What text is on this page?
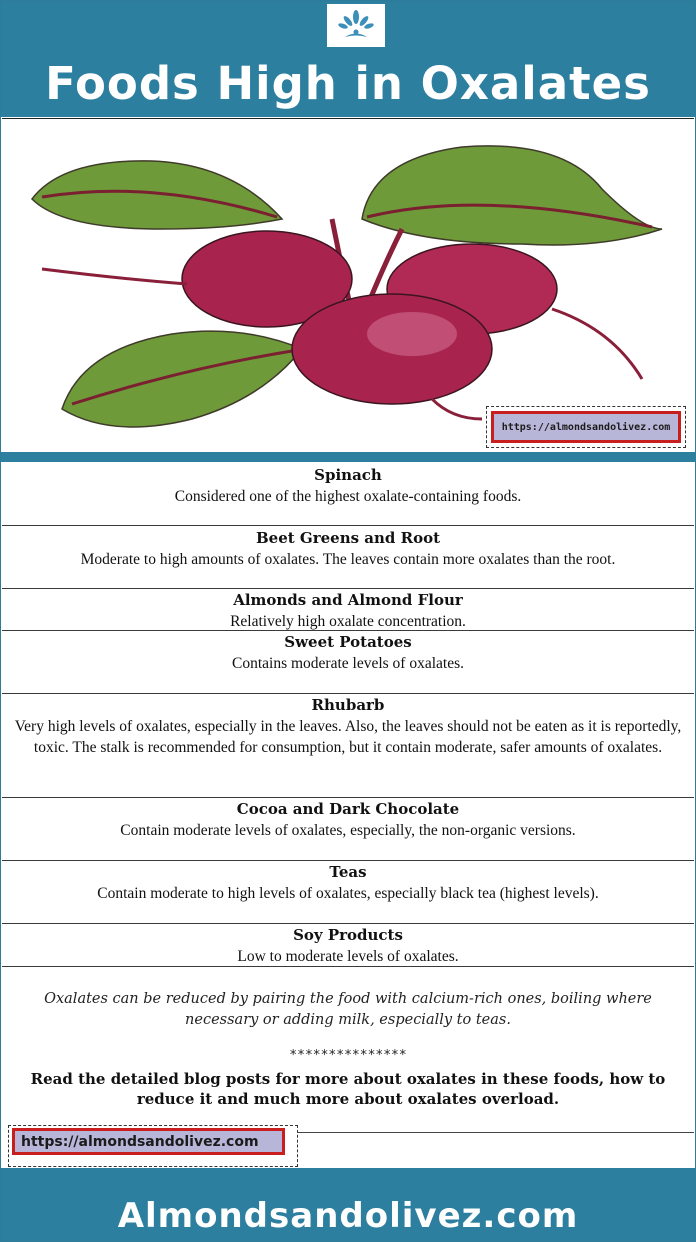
Foods High in Oxalates
https://almondsandolivez.com
Spinach
Considered one of the highest oxalate-containing foods.
Beet Greens and Root
Moderate to high amounts of oxalates. The leaves contain more oxalates than the root.
Almonds and Almond Flour
Relatively high oxalate concentration.
Sweet Potatoes
Contains moderate levels of oxalates.
Rhubarb
Very high levels of oxalates, especially in the leaves. Also, the leaves should not be eaten as it is reportedly, toxic. The stalk is recommended for consumption, but it contain moderate, safer amounts of oxalates.
Cocoa and Dark Chocolate
Contain moderate levels of oxalates, especially, the non-organic versions.
Teas
Contain moderate to high levels of oxalates, especially black tea (highest levels).
Soy Products
Low to moderate levels of oxalates.
Oxalates can be reduced by pairing the food with calcium-rich ones, boiling where necessary or adding milk, especially to teas.
***************
Read the detailed blog posts for more about oxalates in these foods, how to reduce it and much more about oxalates overload.
https://almondsandolivez.com
Almondsandolivez.com
